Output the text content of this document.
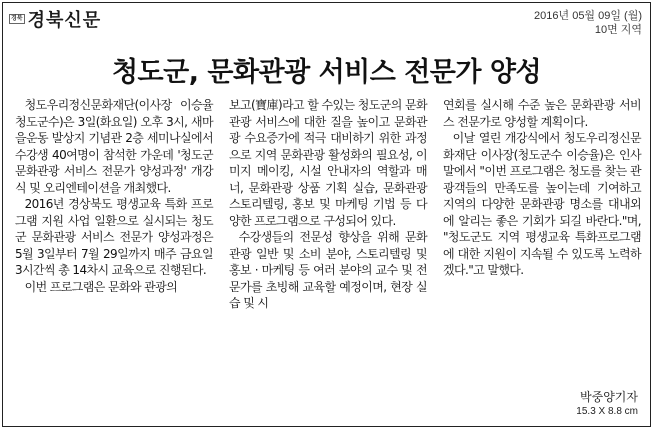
경북 경북신문	2016년 05월 09일 (월)
10면 지역
청도군, 문화관광 서비스 전문가 양성

청도우리정신문화재단(이사장 이승율 청도군수)은 3일(화요일) 오후 3시, 새마을운동 발상지 기념관 2층 세미나실에서 수강생 40여명이 참석한 가운데 '청도군 문화관광 서비스 전문가 양성과정' 개강식 및 오리엔테이션을 개최했다.

2016년 경상북도 평생교육 특화 프로그램 지원 사업 일환으로 실시되는 청도군 문화관광 서비스 전문가 양성과정은 5월 3일부터 7월 29일까지 매주 금요일 3시간씩 총 14차시 교육으로 진행된다.

이번 프로그램은 문화와 관광의

보고(寶庫)라고 할 수있는 청도군의 문화관광 서비스에 대한 질을 높이고 문화관광 수요증가에 적극 대비하기 위한 과정으로 지역 문화관광 활성화의 필요성, 이미지 메이킹, 시설 안내자의 역할과 매너, 문화관광 상품 기획 실습, 문화관광 스토리텔링, 홍보 및 마케팅 기법 등 다양한 프로그램으로 구성되어 있다.

수강생들의 전문성 향상을 위해 문화관광 일반 및 소비 분야, 스토리텔링 및 홍보 · 마케팅 등 여러 분야의 교수 및 전문가를 초빙해 교육할 예정이며, 현장 실습 및 시

연회를 실시해 수준 높은 문화관광 서비스 전문가로 양성할 계획이다.

이날 열린 개강식에서 청도우리정신문화재단 이사장(청도군수 이승율)은 인사말에서 "이번 프로그램은 청도를 찾는 관광객들의 만족도를 높이는데 기여하고 지역의 다양한 문화관광 명소를 대내외에 알리는 좋은 기회가 되길 바란다."며, "청도군도 지역 평생교육 특화프로그램에 대한 지원이 지속될 수 있도록 노력하겠다."고 말했다.

박중양기자
15.3 X 8.8 cm
